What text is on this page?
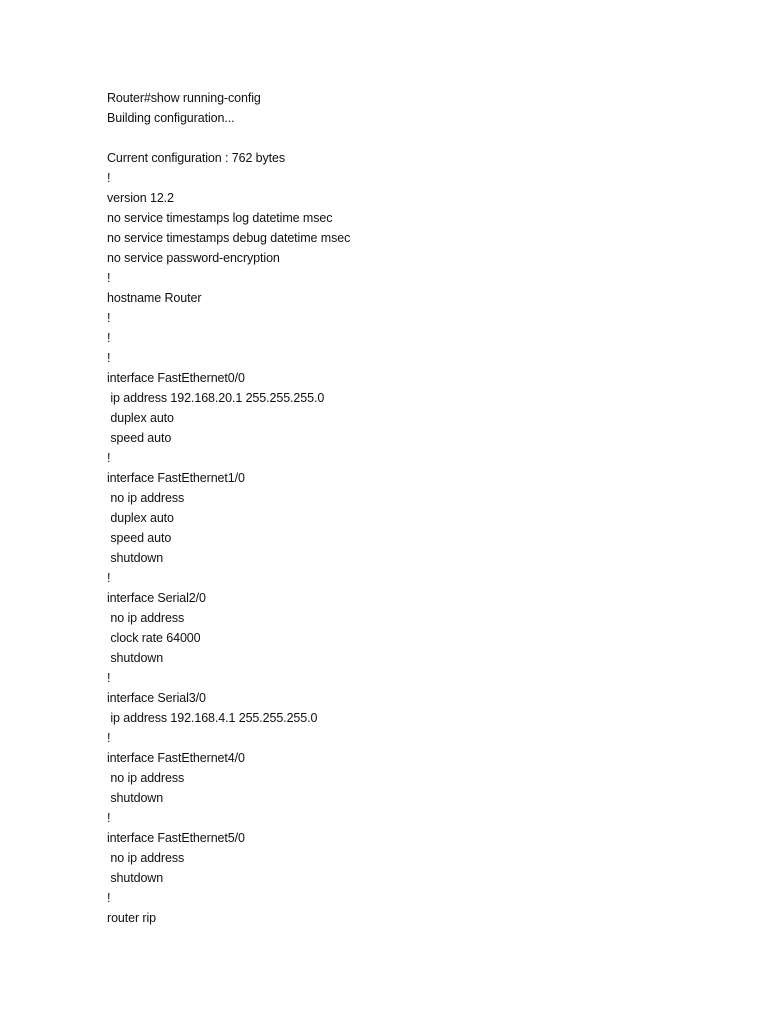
Router#show running-config
Building configuration...
Current configuration : 762 bytes
!
version 12.2
no service timestamps log datetime msec
no service timestamps debug datetime msec
no service password-encryption
!
hostname Router
!
!
!
interface FastEthernet0/0
ip address 192.168.20.1 255.255.255.0
duplex auto
speed auto
!
interface FastEthernet1/0
no ip address
duplex auto
speed auto
shutdown
!
interface Serial2/0
no ip address
clock rate 64000
shutdown
!
interface Serial3/0
ip address 192.168.4.1 255.255.255.0
!
interface FastEthernet4/0
no ip address
shutdown
!
interface FastEthernet5/0
no ip address
shutdown
!
router rip
